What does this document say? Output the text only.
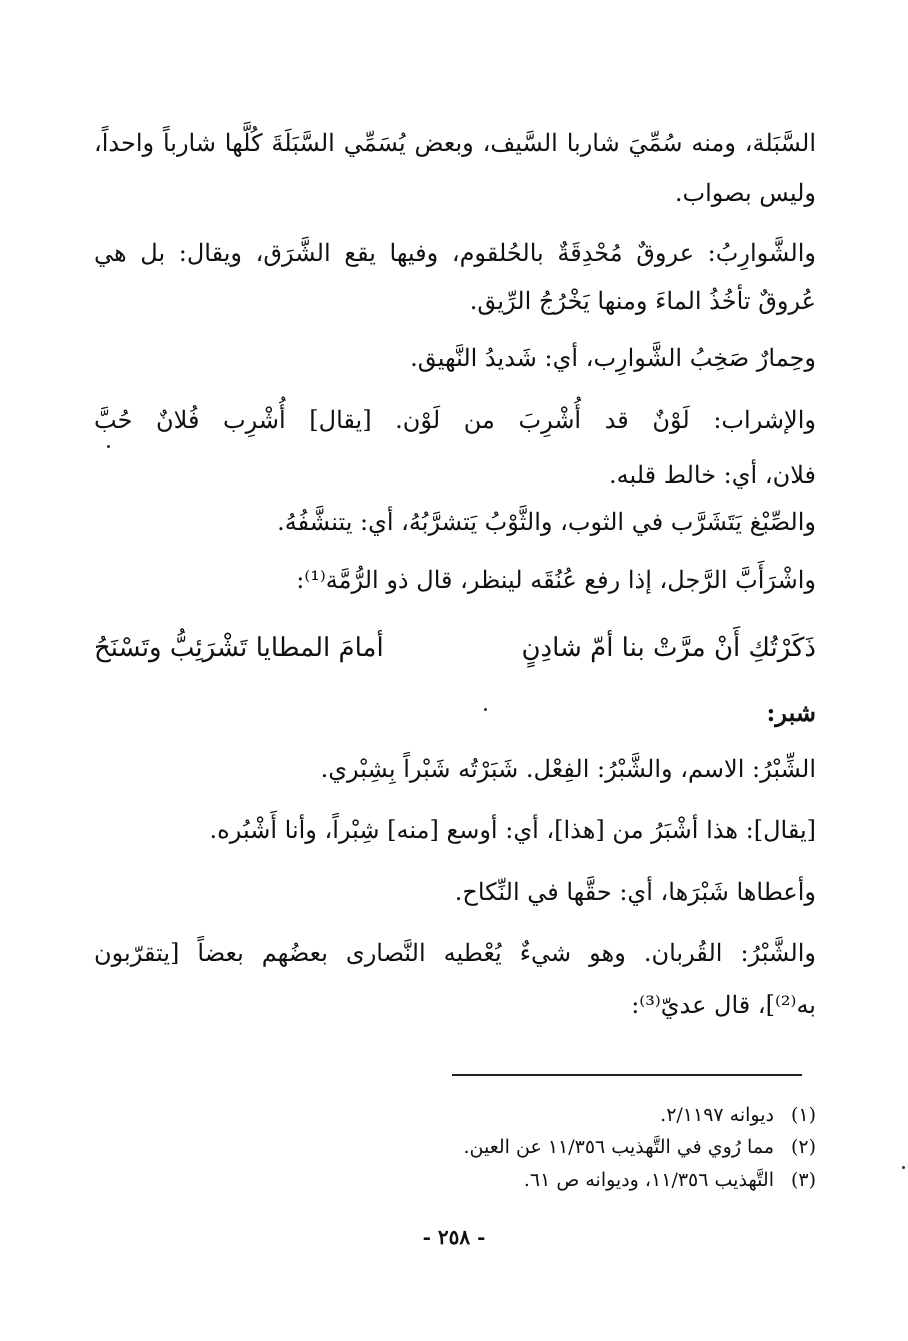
السَّبَلة، ومنه سُمِّيَ شاربا السَّيف، وبعض يُسَمِّي السَّبَلَةَ كُلَّها شارباً واحداً،
وليس بصواب.
والشَّوارِبُ: عروقٌ مُحْدِقَةٌ بالحُلقوم، وفيها يقع الشَّرَق، ويقال: بل هي
عُروقٌ تأخُذُ الماءَ ومنها يَخْرُجُ الرِّيق.
وحِمارٌ صَخِبُ الشَّوارِب، أي: شَديدُ النَّهيق.
والإشراب: لَوْنٌ قد أُشْرِبَ من لَوْن. [يقال] أُشْرِب فُلانٌ حُبَّ
فلان، أي: خالط قلبه.
والصِّبْغ يَتَشَرَّب في الثوب، والثَّوْبُ يَتشرَّبُهُ، أي: يتنشَّفُهُ.
واشْرَأَبَّ الرَّجل، إذا رفع عُنُقَه لينظر، قال ذو الرُّمَّة⁽¹⁾:
ذَكَرْتُكِ أَنْ مرَّتْ بنا أمّ شادِنٍ
أمامَ المطايا تَشْرَئِبُّ وتَسْنَحُ
شبر:
الشِّبْرُ: الاسم، والشَّبْرُ: الفِعْل. شَبَرْتُه شَبْراً بِشِبْري.
[يقال]: هذا أشْبَرُ من [هذا]، أي: أوسع [منه] شِبْراً، وأنا أَشْبُره.
وأعطاها شَبْرَها، أي: حقَّها في النِّكاح.
والشَّبْرُ: القُربان. وهو شيءٌ يُعْطيه النَّصارى بعضُهم بعضاً [يتقرّبون
به⁽²⁾]، قال عديّ⁽³⁾:
(١)ديوانه ٢/١١٩٧.
(٢)مما رُوي في التَّهذيب ١١/٣٥٦ عن العين.
(٣)التَّهذيب ١١/٣٥٦، وديوانه ص ٦١.
- ٢٥٨ -
